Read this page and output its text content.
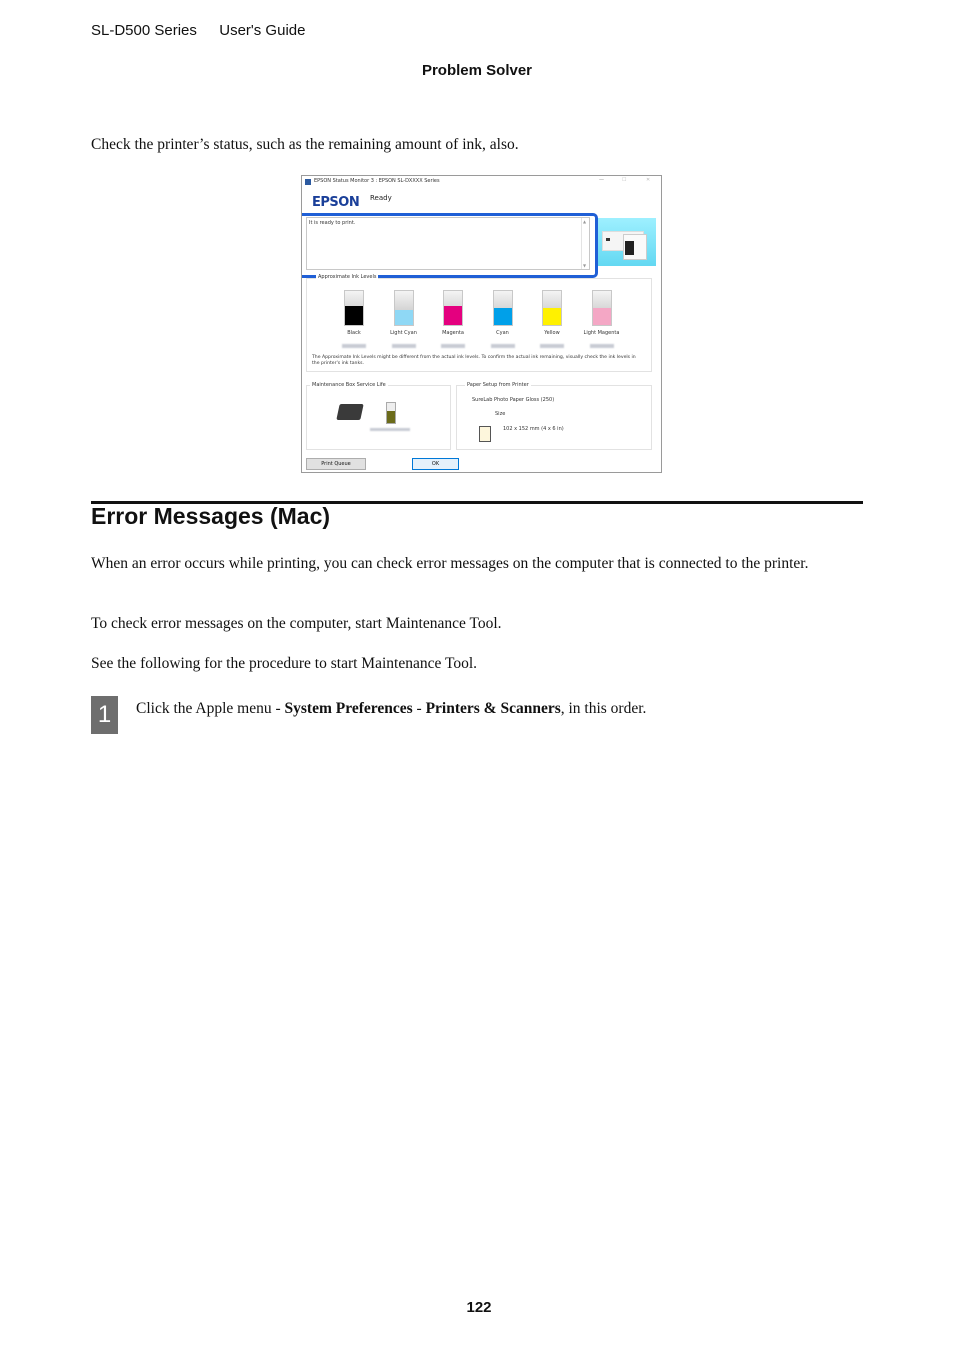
SL-D500 Series User's Guide
Problem Solver
Check the printer’s status, such as the remaining amount of ink, also.
EPSON Status Monitor 3 : EPSON SL-DXXXX Series	—	☐	✕
EPSON Ready
It is ready to print.	▲
▼
Approximate Ink Levels
The Approximate Ink Levels might be different from the actual ink levels. To confirm the actual ink remaining, visually check the ink levels in the printer's ink tanks.
Maintenance Box Service Life	Paper Setup from Printer
SureLab Photo Paper Gloss (250)
Size
102 x 152 mm (4 x 6 in)
Print Queue	OK
Black	Light Cyan	Magenta	Cyan	Yellow	Light Magenta
Error Messages (Mac)
When an error occurs while printing, you can check error messages on the computer that is connected to the printer.
To check error messages on the computer, start Maintenance Tool.
See the following for the procedure to start Maintenance Tool.
1	Click the Apple menu - System Preferences - Printers & Scanners, in this order.
122
